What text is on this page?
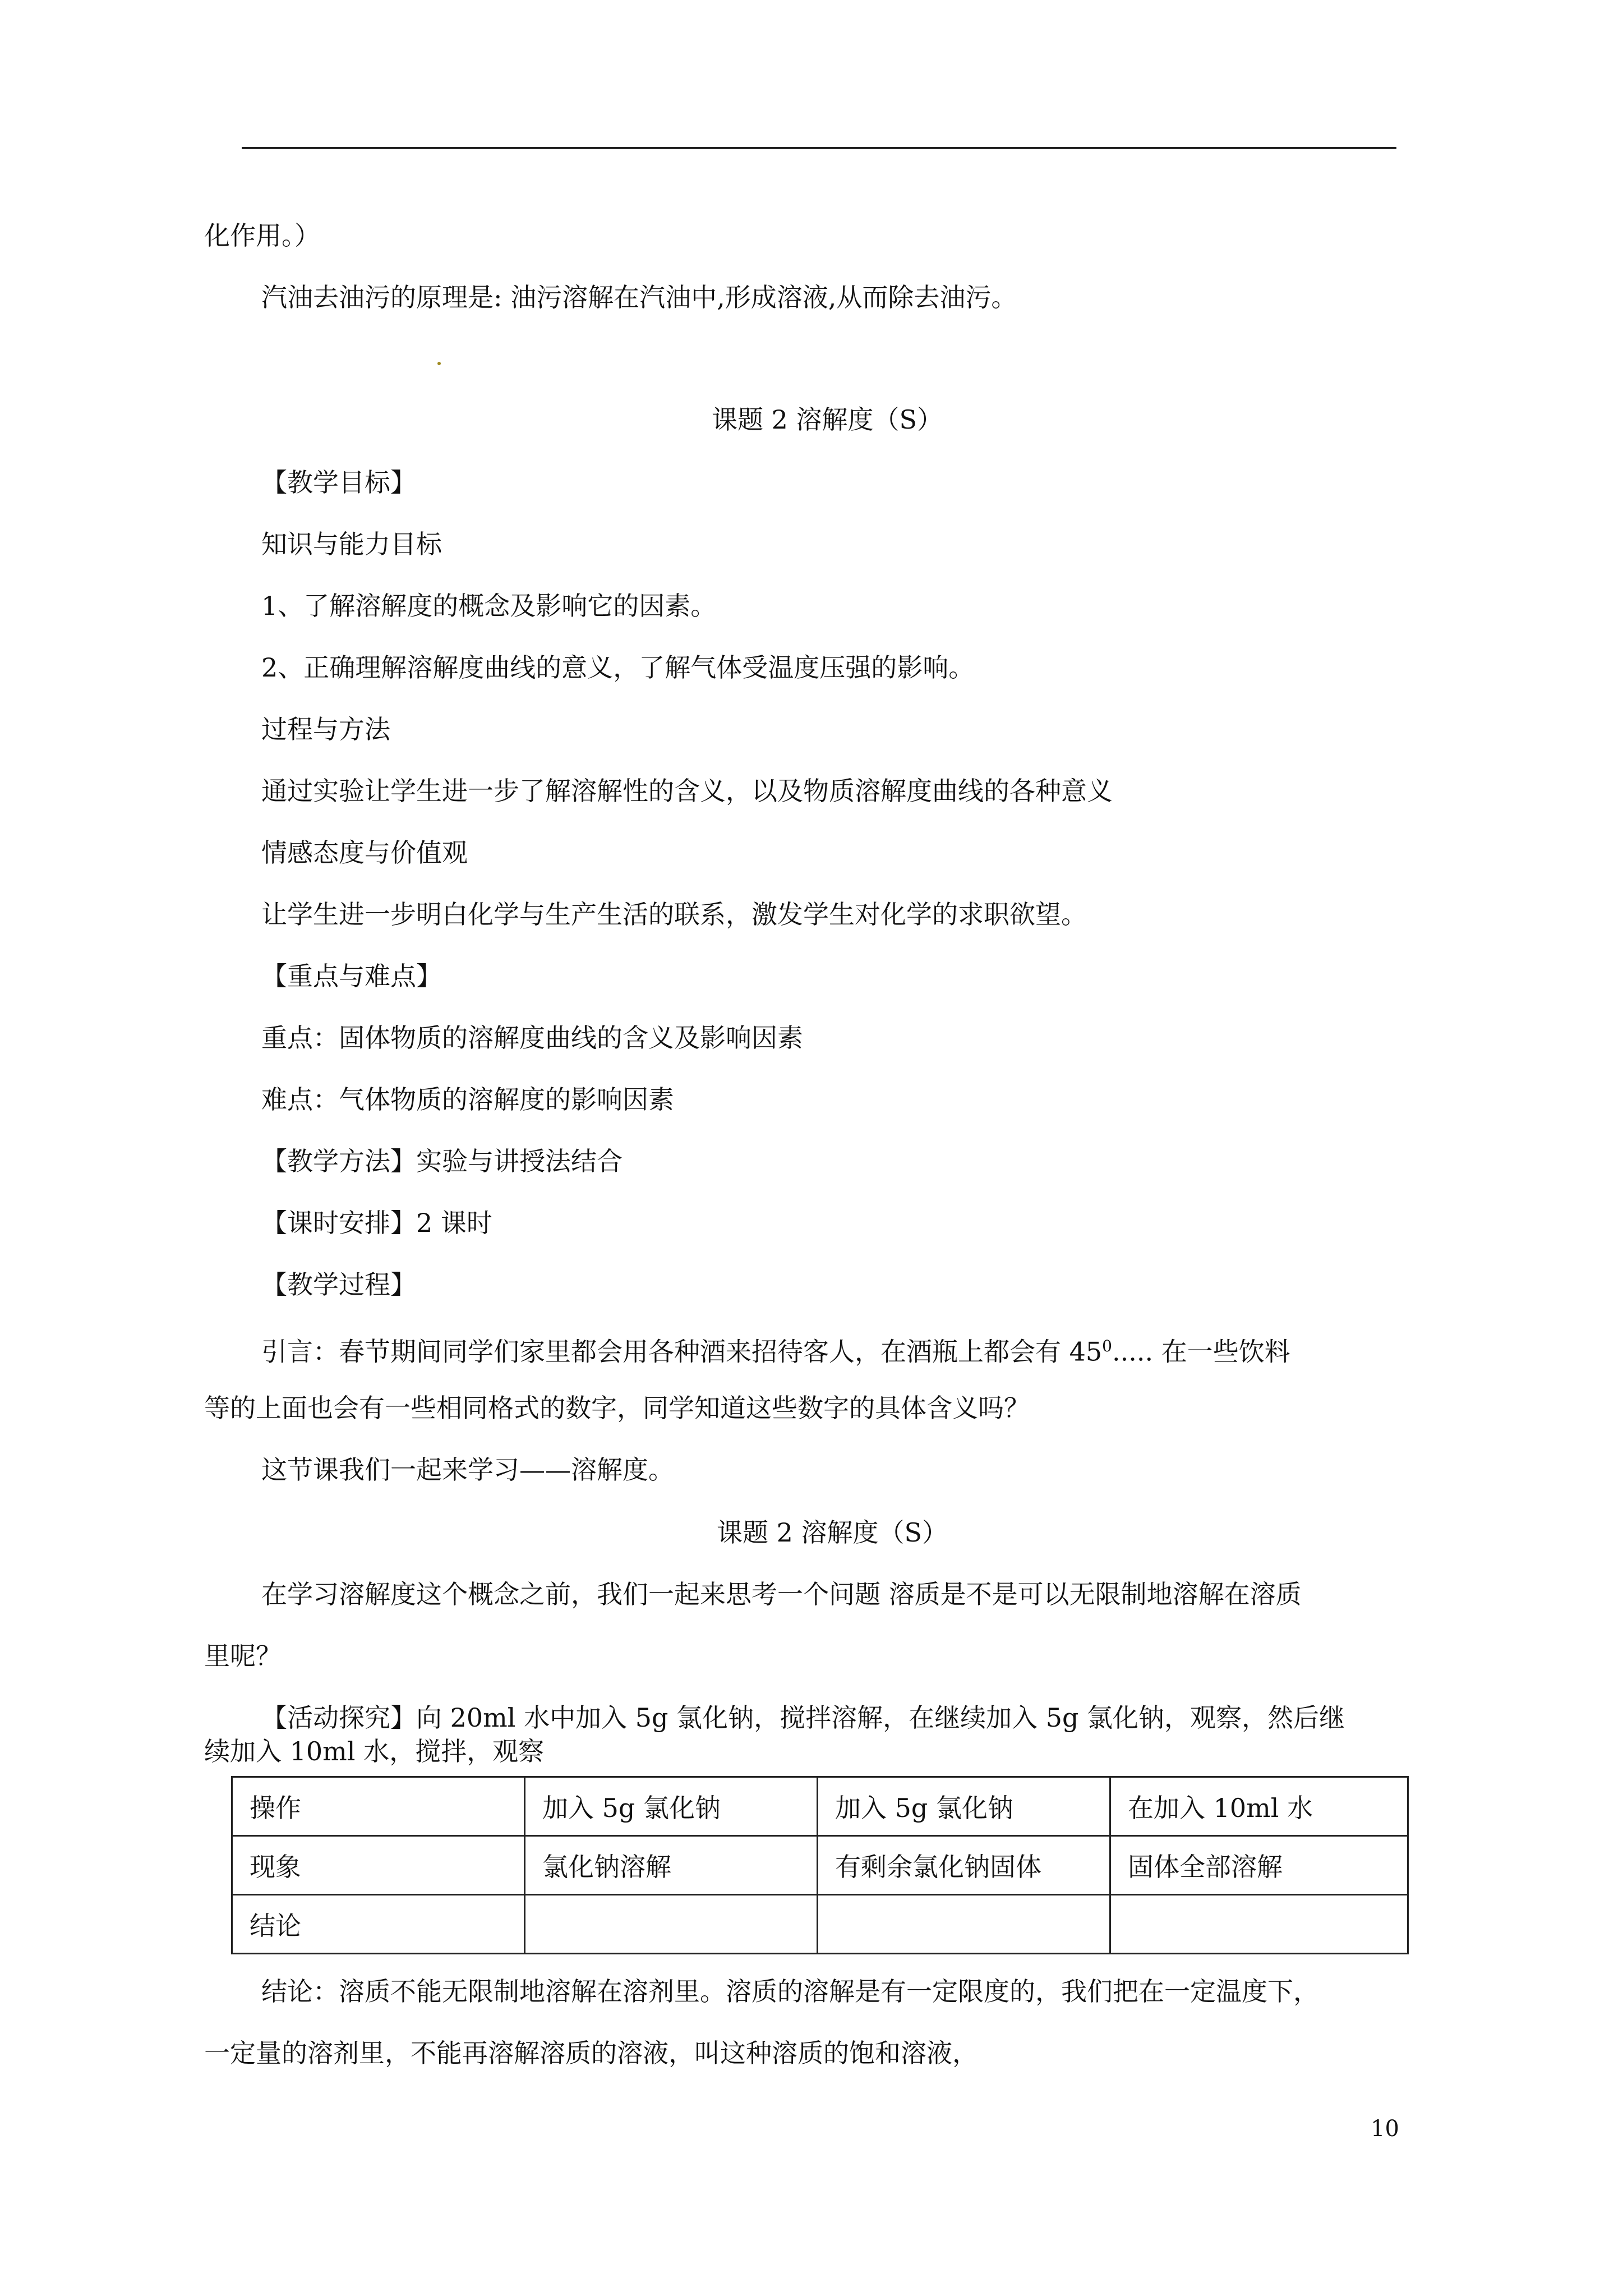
化作用。）
汽油去油污的原理是: 油污溶解在汽油中,形成溶液,从而除去油污。
课题 2 溶解度（S）
【教学目标】
知识与能力目标
1、了解溶解度的概念及影响它的因素。
2、正确理解溶解度曲线的意义，了解气体受温度压强的影响。
过程与方法
通过实验让学生进一步了解溶解性的含义，以及物质溶解度曲线的各种意义
情感态度与价值观
让学生进一步明白化学与生产生活的联系，激发学生对化学的求职欲望。
【重点与难点】
重点：固体物质的溶解度曲线的含义及影响因素
难点：气体物质的溶解度的影响因素
【教学方法】实验与讲授法结合
【课时安排】2 课时
【教学过程】
引言：春节期间同学们家里都会用各种酒来招待客人，在酒瓶上都会有 $45^0$..... 在一些饮料
等的上面也会有一些相同格式的数字，同学知道这些数字的具体含义吗？
这节课我们一起来学习——溶解度。
课题 2 溶解度（S）
在学习溶解度这个概念之前，我们一起来思考一个问题 溶质是不是可以无限制地溶解在溶质
里呢？
【活动探究】向 20ml 水中加入 5g 氯化钠，搅拌溶解，在继续加入 5g 氯化钠，观察，然后继
续加入 10ml 水，搅拌，观察
操作	加入 5g 氯化钠	加入 5g 氯化钠	在加入 10ml 水
现象	氯化钠溶解	有剩余氯化钠固体	固体全部溶解
结论			
结论：溶质不能无限制地溶解在溶剂里。溶质的溶解是有一定限度的，我们把在一定温度下，
一定量的溶剂里，不能再溶解溶质的溶液，叫这种溶质的饱和溶液，
10
